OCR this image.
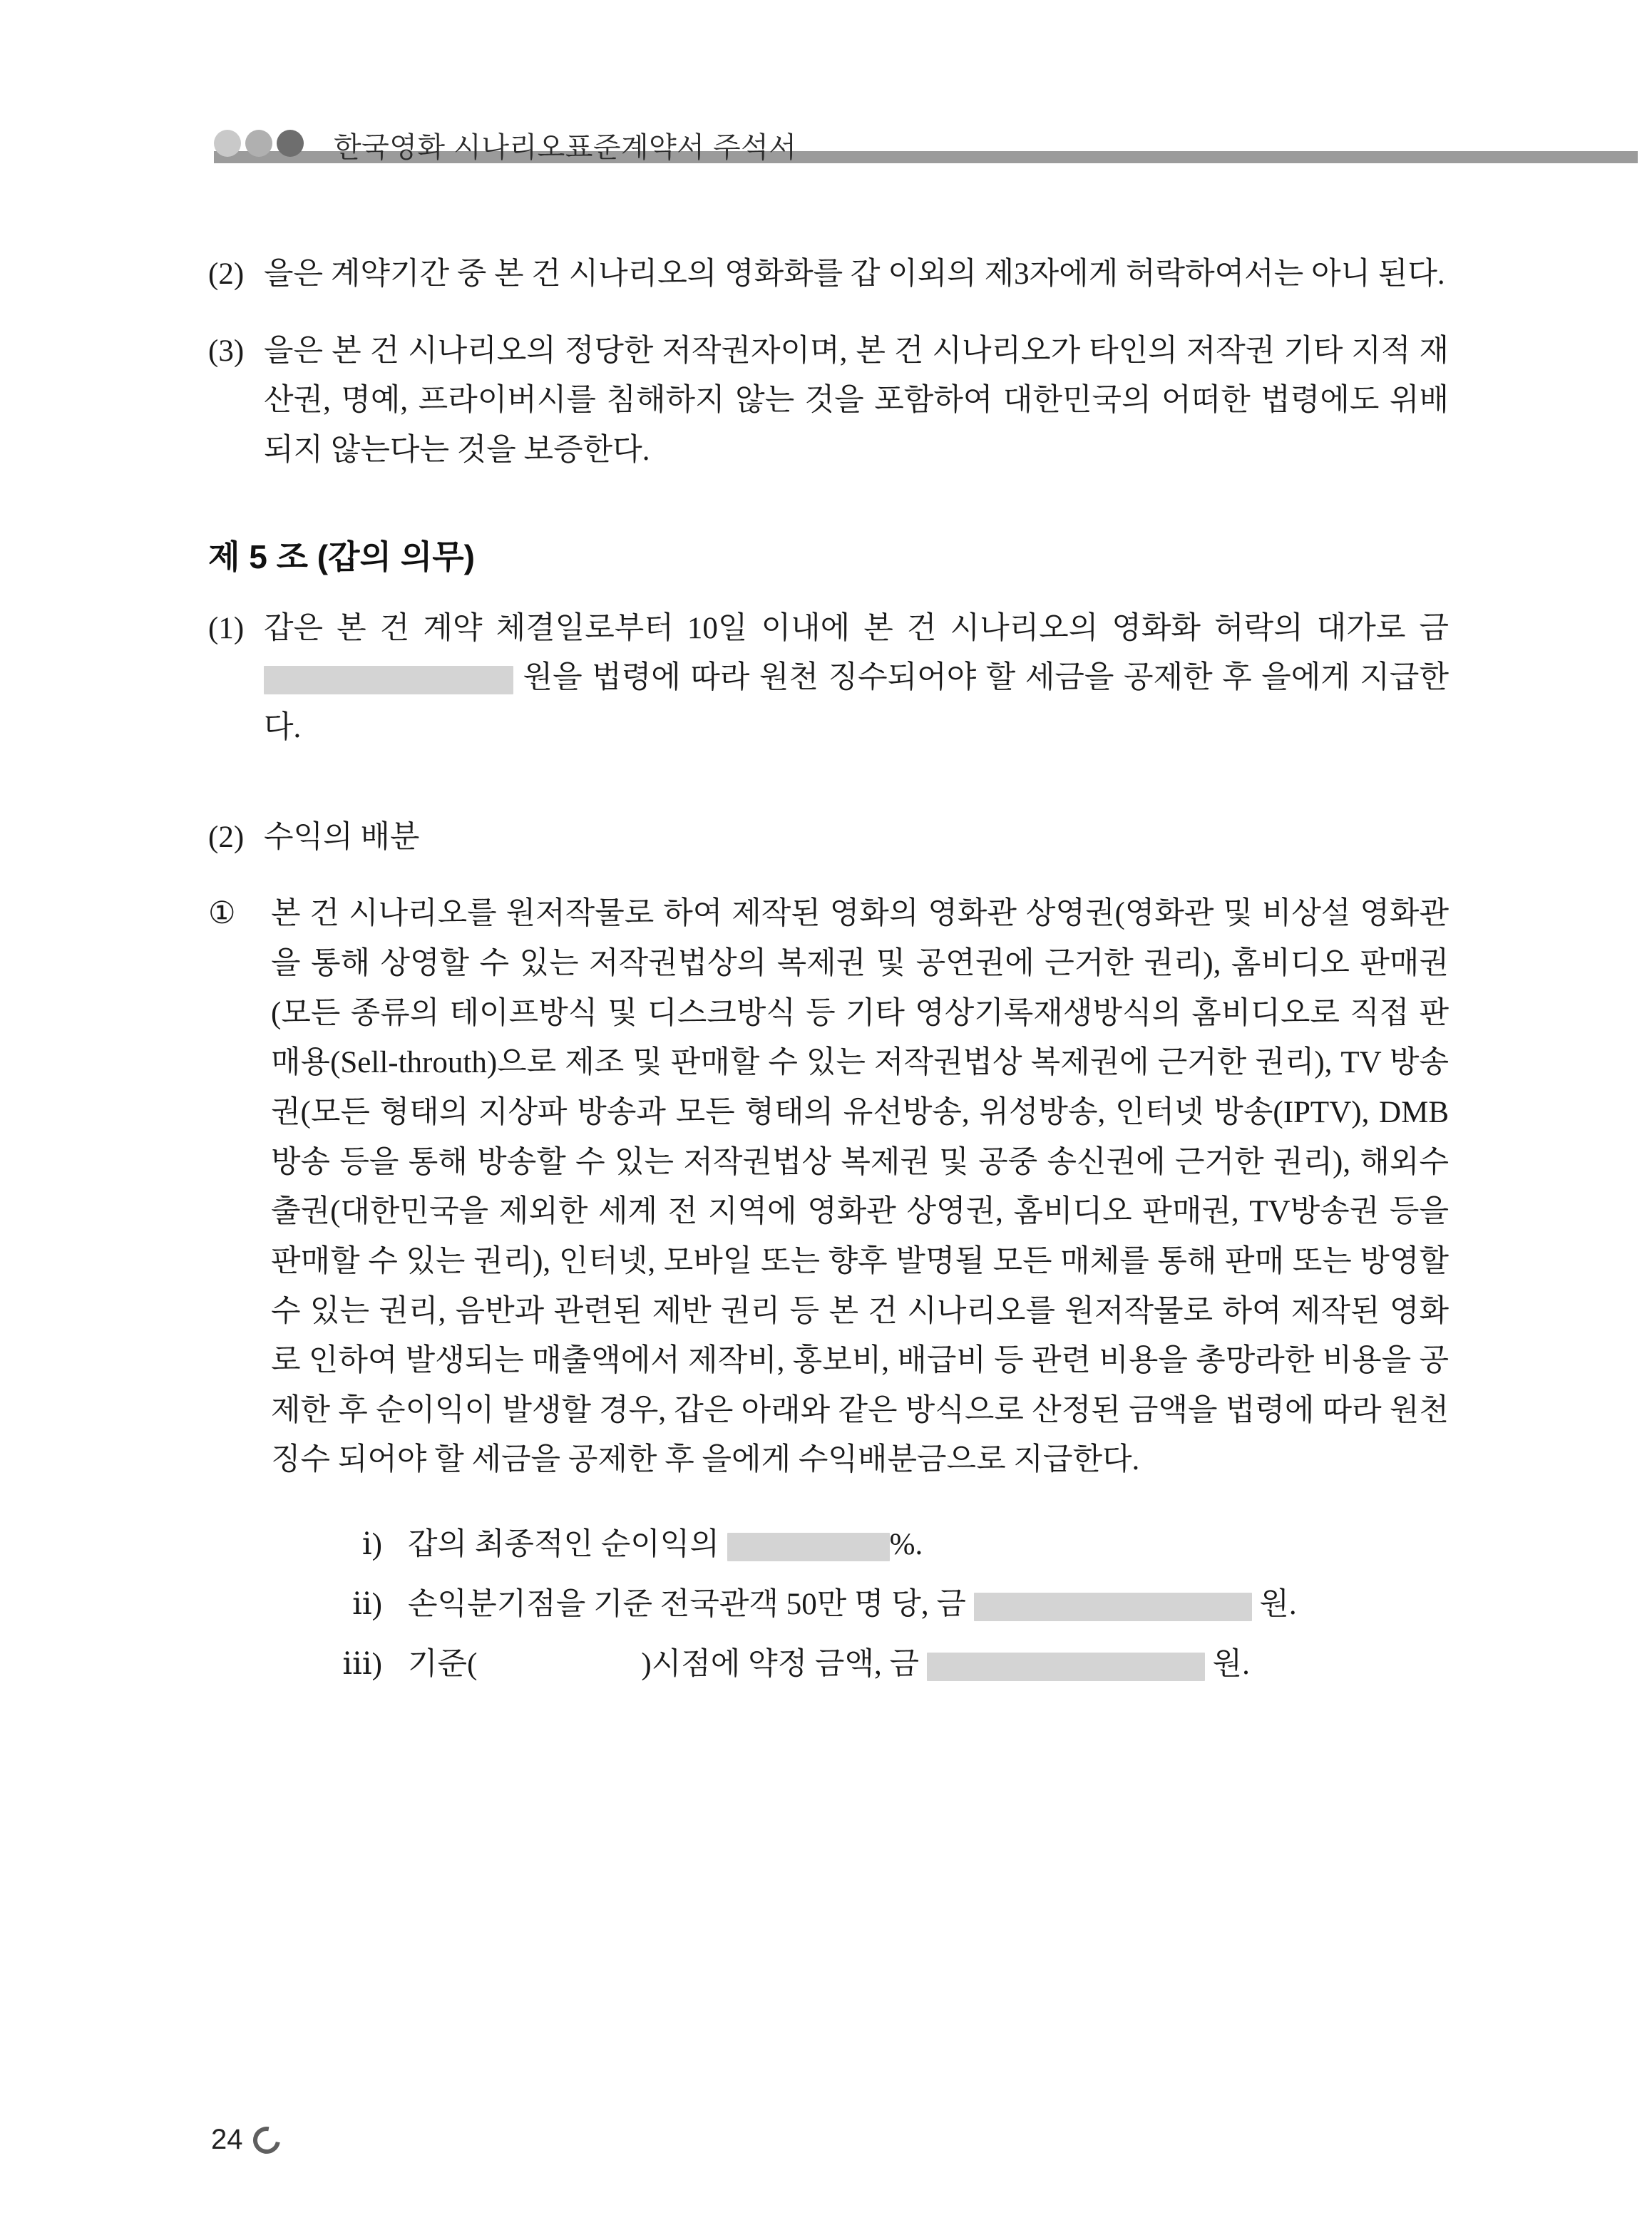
한국영화 시나리오표준계약서 주석서
(2) 을은 계약기간 중 본 건 시나리오의 영화화를 갑 이외의 제3자에게 허락하여서는 아니 된다.
(3) 을은 본 건 시나리오의 정당한 저작권자이며, 본 건 시나리오가 타인의 저작권 기타 지적 재산권, 명예, 프라이버시를 침해하지 않는 것을 포함하여 대한민국의 어떠한 법령에도 위배되지 않는다는 것을 보증한다.
제 5 조 (갑의 의무)
(1) 갑은 본 건 계약 체결일로부터 10일 이내에 본 건 시나리오의 영화화 허락의 대가로 금  원을 법령에 따라 원천 징수되어야 할 세금을 공제한 후 을에게 지급한다.
(2) 수익의 배분
①	본 건 시나리오를 원저작물로 하여 제작된 영화의 영화관 상영권(영화관 및 비상설 영화관을 통해 상영할 수 있는 저작권법상의 복제권 및 공연권에 근거한 권리), 홈비디오 판매권(모든 종류의 테이프방식 및 디스크방식 등 기타 영상기록재생방식의 홈비디오로 직접 판매용(Sell-throuth)으로 제조 및 판매할 수 있는 저작권법상 복제권에 근거한 권리), TV 방송권(모든 형태의 지상파 방송과 모든 형태의 유선방송, 위성방송, 인터넷 방송(IPTV), DMB 방송 등을 통해 방송할 수 있는 저작권법상 복제권 및 공중 송신권에 근거한 권리), 해외수출권(대한민국을 제외한 세계 전 지역에 영화관 상영권, 홈비디오 판매권, TV방송권 등을 판매할 수 있는 권리), 인터넷, 모바일 또는 향후 발명될 모든 매체를 통해 판매 또는 방영할 수 있는 권리, 음반과 관련된 제반 권리 등 본 건 시나리오를 원저작물로 하여 제작된 영화로 인하여 발생되는 매출액에서 제작비, 홍보비, 배급비 등 관련 비용을 총망라한 비용을 공제한 후 순이익이 발생할 경우, 갑은 아래와 같은 방식으로 산정된 금액을 법령에 따라 원천징수 되어야 할 세금을 공제한 후 을에게 수익배분금으로 지급한다.
ⅰ) 갑의 최종적인 순이익의	%.
ⅱ) 손익분기점을 기준 전국관객 50만 명 당, 금	원.
ⅲ) 기준(	)시점에 약정 금액, 금	원.
24
